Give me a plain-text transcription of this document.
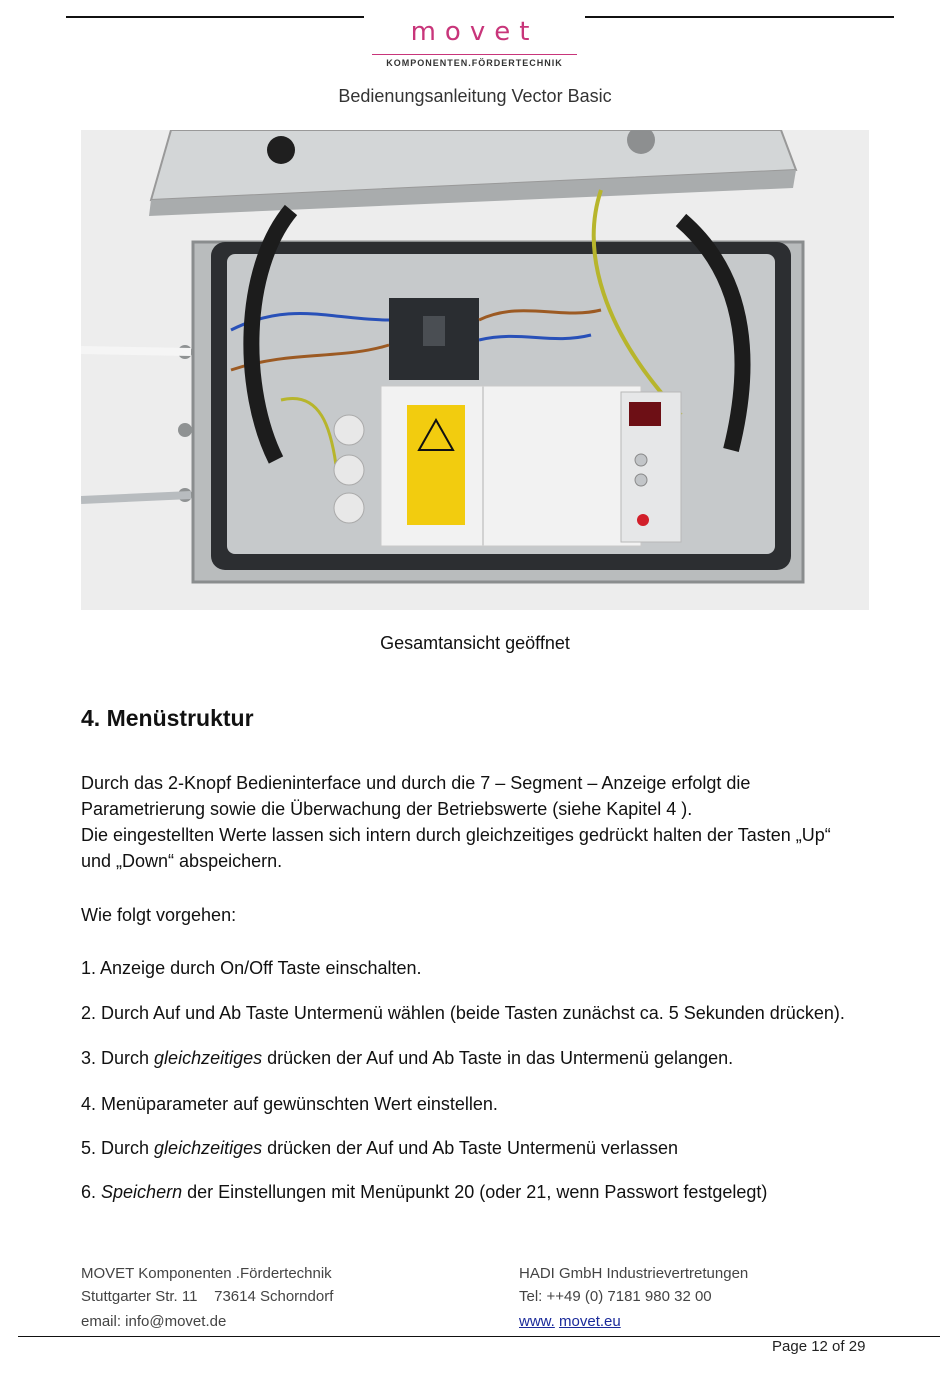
movet
KOMPONENTEN.FÖRDERTECHNIK
Bedienungsanleitung Vector Basic
Gesamtansicht geöffnet
4. Menüstruktur
Durch das 2-Knopf Bedieninterface und durch die 7 – Segment – Anzeige erfolgt die
Parametrierung sowie die Überwachung der Betriebswerte (siehe Kapitel 4 ).
Die eingestellten Werte lassen sich intern durch gleichzeitiges gedrückt halten der Tasten „Up“
und „Down“ abspeichern.
Wie folgt vorgehen:
1. Anzeige durch On/Off Taste einschalten.
2. Durch Auf und Ab Taste Untermenü wählen (beide Tasten zunächst ca. 5 Sekunden drücken).
3. Durch gleichzeitiges drücken der Auf und Ab Taste in das Untermenü gelangen.
4. Menüparameter auf gewünschten Wert einstellen.
5. Durch gleichzeitiges drücken der Auf und Ab Taste Untermenü verlassen
6. Speichern der Einstellungen mit Menüpunkt 20 (oder 21, wenn Passwort festgelegt)
MOVET Komponenten .Fördertechnik
Stuttgarter Str. 11    73614 Schorndorf
email: info@movet.de
HADI GmbH Industrievertretungen
Tel: ++49 (0) 7181 980 32 00
www. movet.eu
Page 12 of 29
